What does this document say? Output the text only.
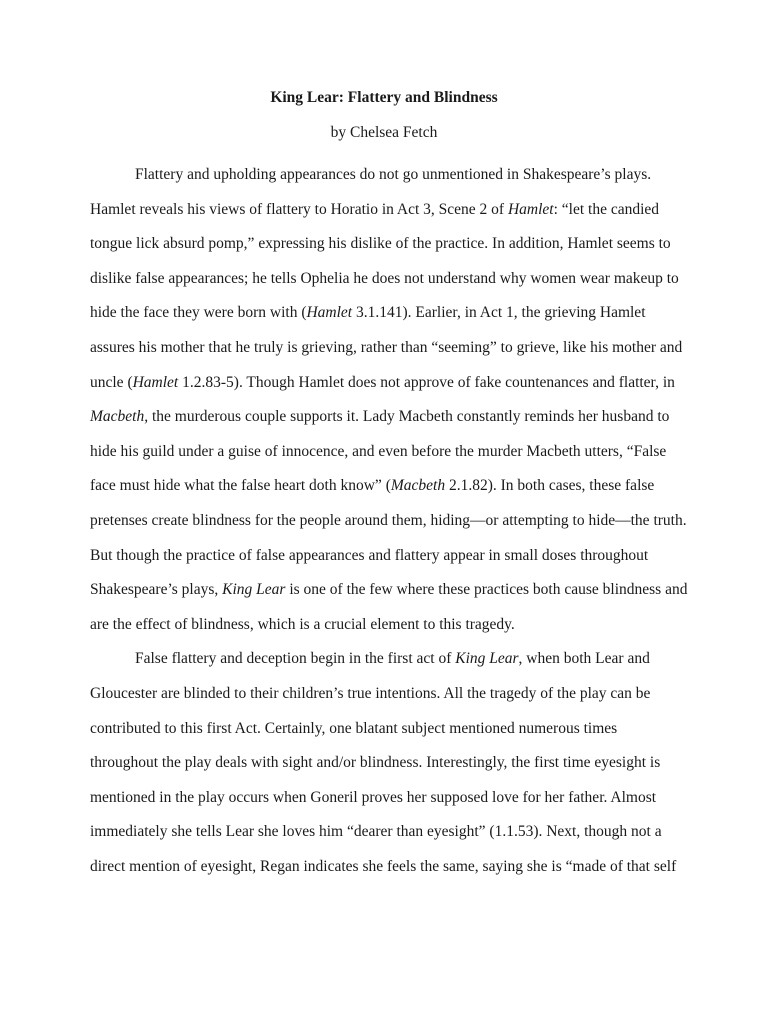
King Lear: Flattery and Blindness
by Chelsea Fetch
Flattery and upholding appearances do not go unmentioned in Shakespeare’s plays.
Hamlet reveals his views of flattery to Horatio in Act 3, Scene 2 of Hamlet: “let the candied
tongue lick absurd pomp,” expressing his dislike of the practice. In addition, Hamlet seems to
dislike false appearances; he tells Ophelia he does not understand why women wear makeup to
hide the face they were born with (Hamlet 3.1.141). Earlier, in Act 1, the grieving Hamlet
assures his mother that he truly is grieving, rather than “seeming” to grieve, like his mother and
uncle (Hamlet 1.2.83-5). Though Hamlet does not approve of fake countenances and flatter, in
Macbeth, the murderous couple supports it. Lady Macbeth constantly reminds her husband to
hide his guild under a guise of innocence, and even before the murder Macbeth utters, “False
face must hide what the false heart doth know” (Macbeth 2.1.82). In both cases, these false
pretenses create blindness for the people around them, hiding—or attempting to hide—the truth.
But though the practice of false appearances and flattery appear in small doses throughout
Shakespeare’s plays, King Lear is one of the few where these practices both cause blindness and
are the effect of blindness, which is a crucial element to this tragedy.
False flattery and deception begin in the first act of King Lear, when both Lear and
Gloucester are blinded to their children’s true intentions. All the tragedy of the play can be
contributed to this first Act. Certainly, one blatant subject mentioned numerous times
throughout the play deals with sight and/or blindness. Interestingly, the first time eyesight is
mentioned in the play occurs when Goneril proves her supposed love for her father. Almost
immediately she tells Lear she loves him “dearer than eyesight” (1.1.53). Next, though not a
direct mention of eyesight, Regan indicates she feels the same, saying she is “made of that self
